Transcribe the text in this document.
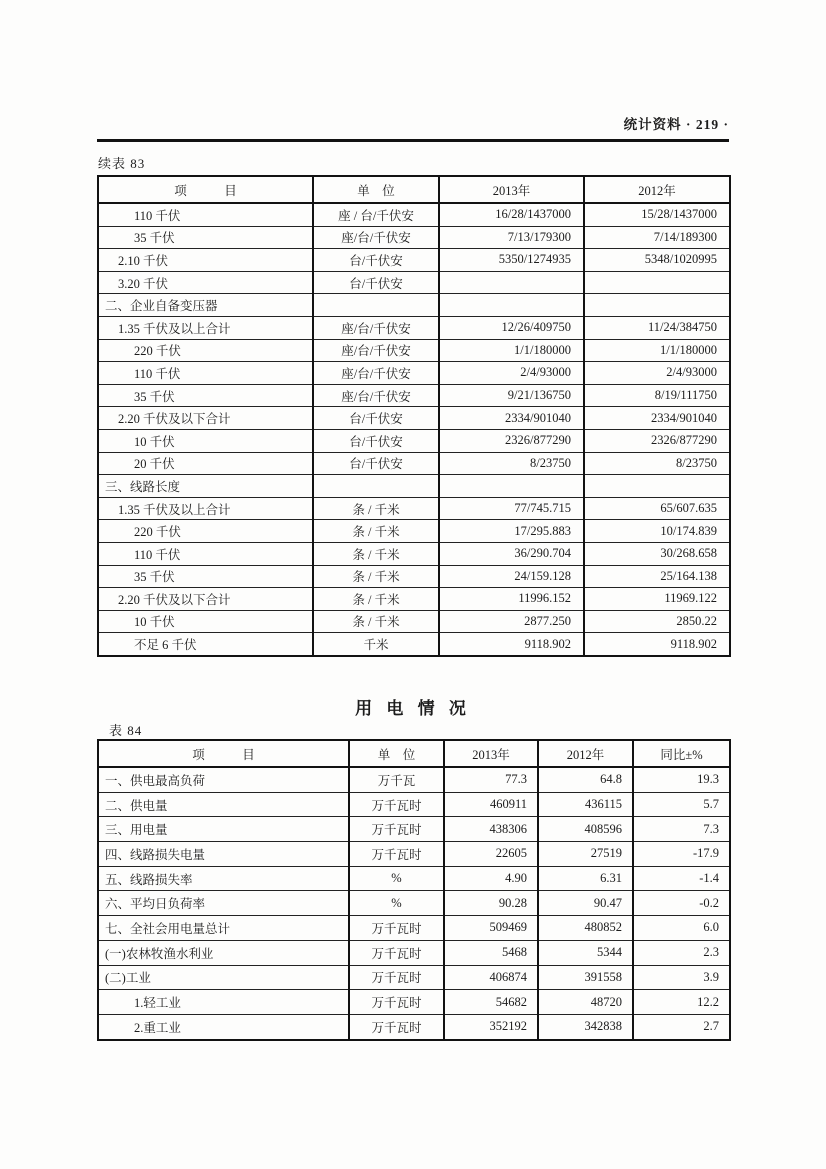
统计资料 · 219 ·
续表 83
项　　　目	单　位	2013年	2012年
110 千伏	座 / 台/千伏安	16/28/1437000	15/28/1437000
35 千伏	座/台/千伏安	7/13/179300	7/14/189300
2.10 千伏	台/千伏安	5350/1274935	5348/1020995
3.20 千伏	台/千伏安		
二、企业自备变压器			
1.35 千伏及以上合计	座/台/千伏安	12/26/409750	11/24/384750
220 千伏	座/台/千伏安	1/1/180000	1/1/180000
110 千伏	座/台/千伏安	2/4/93000	2/4/93000
35 千伏	座/台/千伏安	9/21/136750	8/19/111750
2.20 千伏及以下合计	台/千伏安	2334/901040	2334/901040
10 千伏	台/千伏安	2326/877290	2326/877290
20 千伏	台/千伏安	8/23750	8/23750
三、线路长度			
1.35 千伏及以上合计	条 / 千米	77/745.715	65/607.635
220 千伏	条 / 千米	17/295.883	10/174.839
110 千伏	条 / 千米	36/290.704	30/268.658
35 千伏	条 / 千米	24/159.128	25/164.138
2.20 千伏及以下合计	条 / 千米	11996.152	11969.122
10 千伏	条 / 千米	2877.250	2850.22
不足 6 千伏	千米	9118.902	9118.902
用 电 情 况
表 84
项　　　目	单　位	2013年	2012年	同比±%
一、供电最高负荷	万千瓦	77.3	64.8	19.3
二、供电量	万千瓦时	460911	436115	5.7
三、用电量	万千瓦时	438306	408596	7.3
四、线路损失电量	万千瓦时	22605	27519	-17.9
五、线路损失率	%	4.90	6.31	-1.4
六、平均日负荷率	%	90.28	90.47	-0.2
七、全社会用电量总计	万千瓦时	509469	480852	6.0
(一)农林牧渔水利业	万千瓦时	5468	5344	2.3
(二)工业	万千瓦时	406874	391558	3.9
1.轻工业	万千瓦时	54682	48720	12.2
2.重工业	万千瓦时	352192	342838	2.7
